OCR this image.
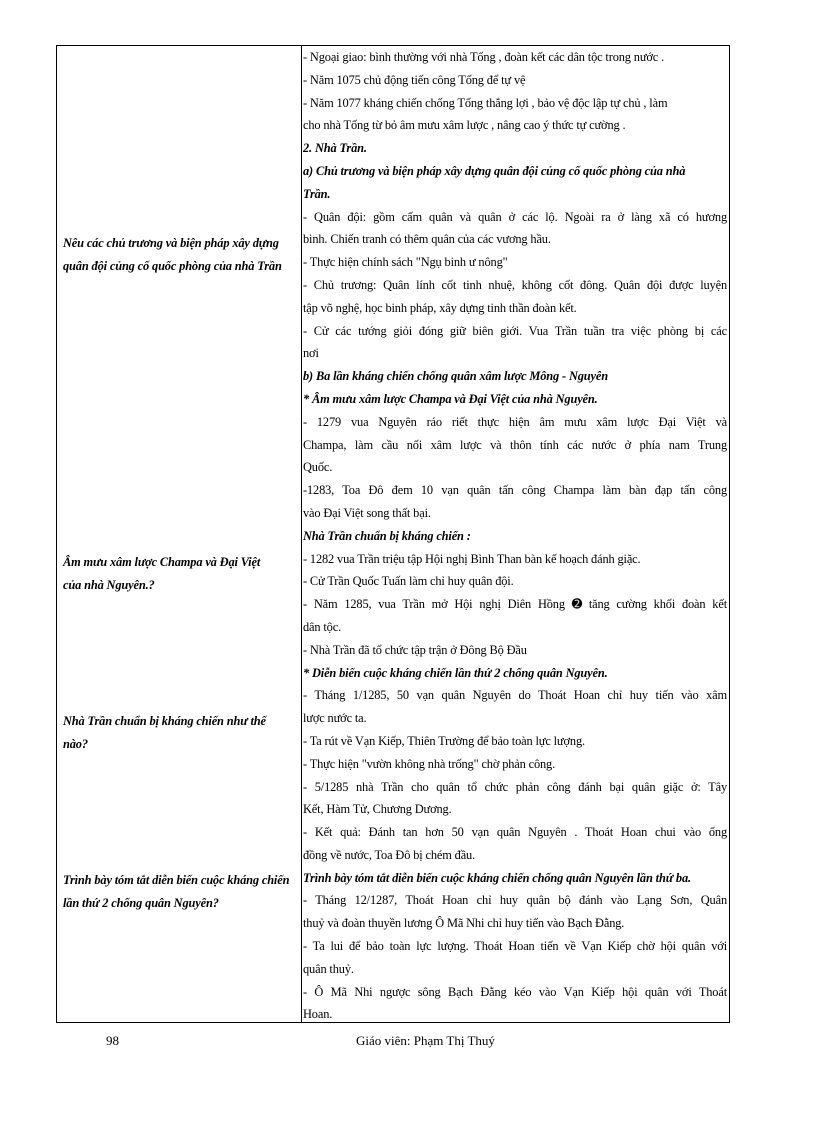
Nêu các chủ trương và biện pháp xây dựng
quân đội củng cố quốc phòng của nhà Trần
Âm mưu xâm lược Champa và Đại Việt
của nhà Nguyên.?
Nhà Trần chuẩn bị kháng chiến như thế
nào?
Trình bày tóm tắt diễn biến cuộc kháng chiến
lần thứ 2 chống quân Nguyên?
- Ngoại giao: bình thường với nhà Tống , đoàn kết các dân tộc trong nước .
- Năm 1075 chủ động tiến công Tống để tự vệ
- Năm 1077 kháng chiến chống Tống thắng lợi , bảo vệ độc lập tự chủ , làm
cho nhà Tống từ bỏ âm mưu xâm lược , nâng cao ý thức tự cường .
2. Nhà Trần.
a) Chủ trương và biện pháp xây dựng quân đội củng cố quốc phòng của nhà
Trần.
- Quân đội: gồm cấm quân và quân ở các lộ. Ngoài ra ở làng xã có hương
binh. Chiến tranh có thêm quân của các vương hầu.
- Thực hiện chính sách "Ngụ binh ư nông"
- Chủ trương: Quân lính cốt tinh nhuệ, không cốt đông. Quân đội được luyện
tập võ nghệ, học binh pháp, xây dựng tinh thần đoàn kết.
- Cử các tướng giỏi đóng giữ biên giới. Vua Trần tuần tra việc phòng bị các
nơi
b) Ba lần kháng chiến chống quân xâm lược Mông - Nguyên
* Âm mưu xâm lược Champa và Đại Việt của nhà Nguyên.
- 1279 vua Nguyên ráo riết thực hiện âm mưu xâm lược Đại Việt và
Champa, làm cầu nối xâm lược và thôn tính các nước ở phía nam Trung
Quốc.
-1283, Toa Đô đem 10 vạn quân tấn công Champa làm bàn đạp tấn công
vào Đại Việt song thất bại.
Nhà Trần chuẩn bị kháng chiến :
- 1282 vua Trần triệu tập Hội nghị Bình Than bàn kế hoạch đánh giặc.
- Cử Trần Quốc Tuấn làm chỉ huy quân đội.
- Năm 1285, vua Trần mở Hội nghị Diên Hồng ➋ tăng cường khối đoàn kết
dân tộc.
- Nhà Trần đã tổ chức tập trận ở Đông Bộ Đầu
* Diễn biến cuộc kháng chiến lần thứ 2 chống quân Nguyên.
- Tháng 1/1285, 50 vạn quân Nguyên do Thoát Hoan chỉ huy tiến vào xâm
lược nước ta.
- Ta rút về Vạn Kiếp, Thiên Trường để bảo toàn lực lượng.
- Thực hiện "vườn không nhà trống" chờ phản công.
- 5/1285 nhà Trần cho quân tổ chức phản công đánh bại quân giặc ở: Tây
Kết, Hàm Tử, Chương Dương.
- Kết quả: Đánh tan hơn 50 vạn quân Nguyên . Thoát Hoan chui vào ống
đồng về nước, Toa Đô bị chém đầu.
Trình bày tóm tắt diễn biến cuộc kháng chiến chống quân Nguyên lần thứ ba.
- Tháng 12/1287, Thoát Hoan chỉ huy quân bộ đánh vào Lạng Sơn, Quân
thuỷ và đoàn thuyền lương Ô Mã Nhi chỉ huy tiến vào Bạch Đằng.
- Ta lui để bảo toàn lực lượng. Thoát Hoan tiến về Vạn Kiếp chờ hội quân với
quân thuỷ.
- Ô Mã Nhi ngược sông Bạch Đằng kéo vào Vạn Kiếp hội quân với Thoát
Hoan.
98	Giáo viên: Phạm Thị Thuý
